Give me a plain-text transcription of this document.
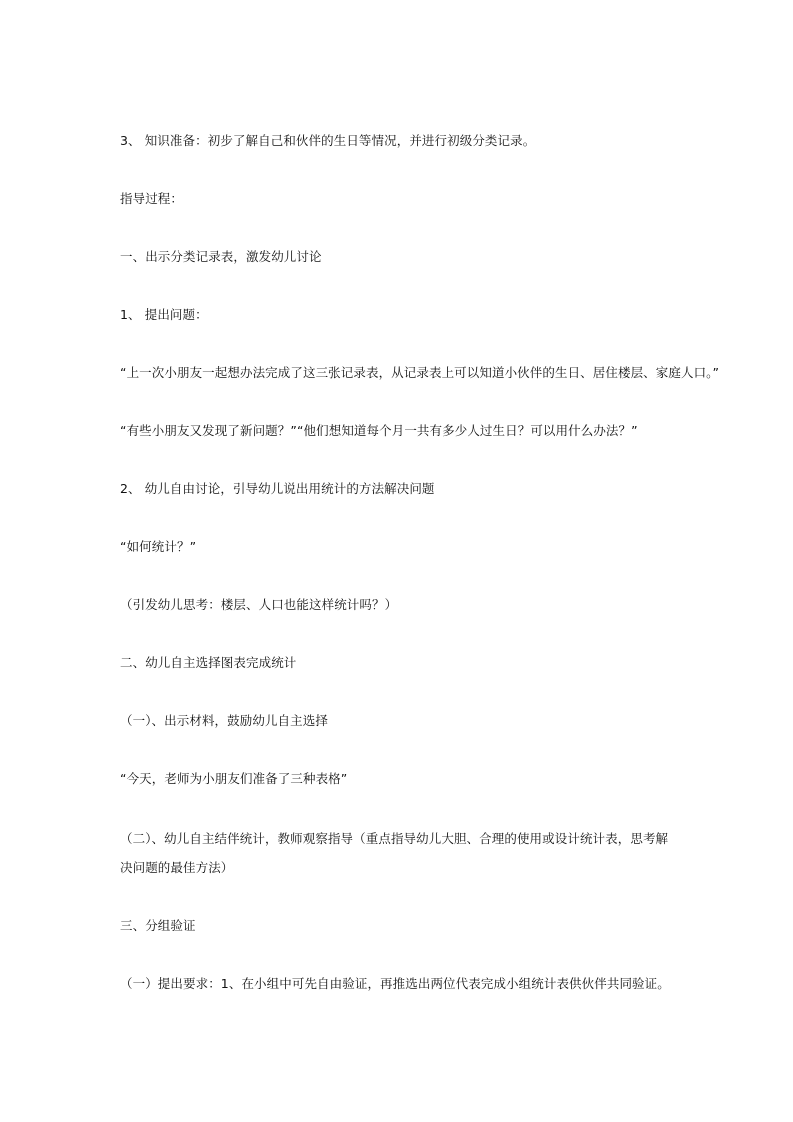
3、 知识准备：初步了解自己和伙伴的生日等情况，并进行初级分类记录。

指导过程：

一、出示分类记录表，激发幼儿讨论

1、 提出问题：

“上一次小朋友一起想办法完成了这三张记录表，从记录表上可以知道小伙伴的生日、居住楼层、家庭人口。”

“有些小朋友又发现了新问题？”“他们想知道每个月一共有多少人过生日？可以用什么办法？”

2、 幼儿自由讨论，引导幼儿说出用统计的方法解决问题

“如何统计？”

（引发幼儿思考：楼层、人口也能这样统计吗？）

二、幼儿自主选择图表完成统计

（一）、出示材料，鼓励幼儿自主选择

“今天，老师为小朋友们准备了三种表格”

（二）、幼儿自主结伴统计，教师观察指导（重点指导幼儿大胆、合理的使用或设计统计表，思考解决问题的最佳方法）

三、分组验证

（一）提出要求：1、在小组中可先自由验证，再推选出两位代表完成小组统计表供伙伴共同验证。
